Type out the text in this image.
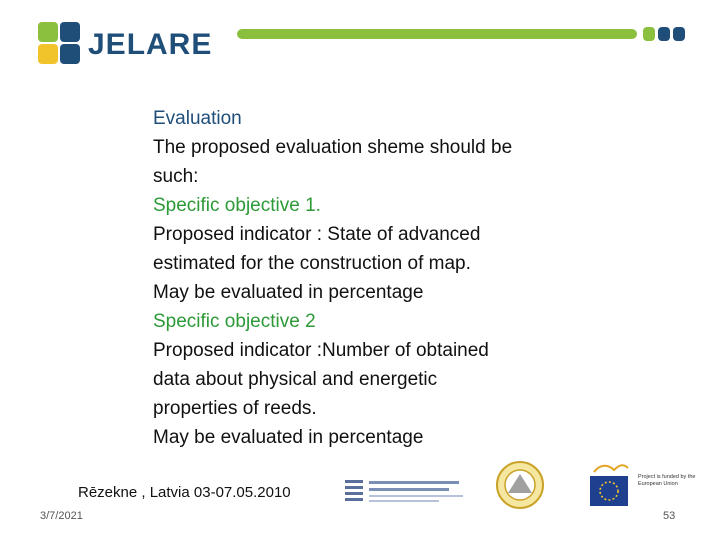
JELARE
Evaluation
The proposed evaluation sheme should be
such:
Specific objective 1.
Proposed indicator : State of advanced
estimated for the construction of map.
May be evaluated in percentage
Specific objective 2
Proposed indicator :Number of obtained
data about physical and energetic
properties of reeds.
May be evaluated in percentage
Rēzekne , Latvia 03-07.05.2010
3/7/2021	53
Project is funded by the European Union
